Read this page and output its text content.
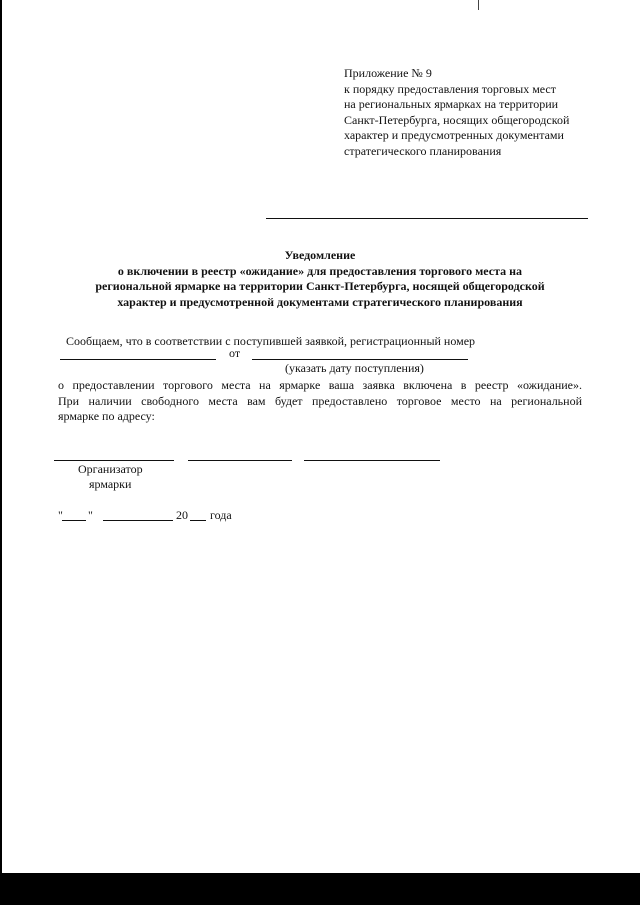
Приложение № 9
к порядку предоставления торговых мест
на региональных ярмарках на территории
Санкт-Петербурга, носящих общегородской
характер и предусмотренных документами
стратегического планирования
Уведомление
о включении в реестр «ожидание» для предоставления торгового места на
региональной ярмарке на территории Санкт-Петербурга, носящей общегородской
характер и предусмотренной документами стратегического планирования
Сообщаем, что в соответствии с поступившей заявкой, регистрационный номер
от
(указать дату поступления)
о предоставлении торгового места на ярмарке ваша заявка включена в реестр «ожидание».
При наличии свободного места вам будет предоставлено торговое место на региональной
ярмарке по адресу:
Организатор
ярмарки
" "	20 года
